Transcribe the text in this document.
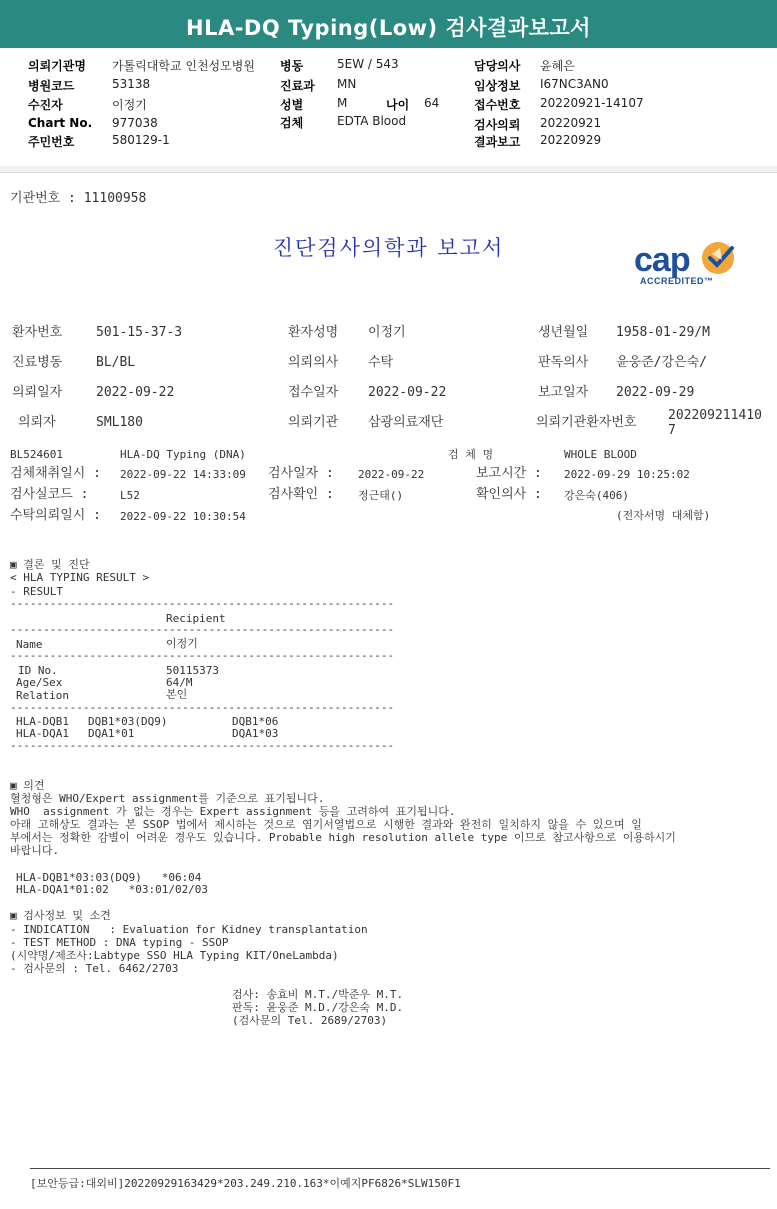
HLA-DQ Typing(Low) 검사결과보고서
의뢰기관명 가톨릭대학교 인천성모병원 병동	5EW / 543	담당의사 윤혜은
병원코드	53138	진료과 MN	임상정보 I67NC3AN0
수진자	이정기	성별	M	나이 64	접수번호 20220921-14107
Chart No. 977038	검체	EDTA Blood	검사의뢰 20220921
주민번호	580129-1	결과보고 20220929
기관번호 : 11100958
진단검사의학과 보고서	cap
ACCREDITED™
환자번호	501-15-37-3	환자성명 이정기	생년월일 1958-01-29/M
진료병동	BL/BL	의뢰의사 수탁	판독의사 윤웅준/강은숙/
의뢰일자	2022-09-22	접수일자 2022-09-22	보고일자 2022-09-29
의뢰자	SML180	의뢰기관 삼광의료재단	의뢰기관환자번호 202209211410
7
BL524601	HLA-DQ Typing (DNA)	검 체 명	WHOLE BLOOD
검체채취일시 : 2022-09-22 14:33:09 검사일자 : 2022-09-22	보고시간 : 2022-09-29 10:25:02
검사실코드 :	L52	검사확인 : 정근태()	확인의사 : 강은숙(406)
수탁의뢰일시 : 2022-09-22 10:30:54	(전자서명 대체함)
▣ 결론 및 진단
< HLA TYPING RESULT >
- RESULT
----------------------------------------------------------
Recipient
----------------------------------------------------------
Name	이정기
----------------------------------------------------------
ID No.	50115373
Age/Sex	64/M
Relation	본인
----------------------------------------------------------
HLA-DQB1 DQB1*03(DQ9)	DQB1*06
HLA-DQA1 DQA1*01	DQA1*03
----------------------------------------------------------
▣ 의견
혈청형은 WHO/Expert assignment를 기준으로 표기됩니다.
WHO  assignment 가 없는 경우는 Expert assignment 등을 고려하여 표기됩니다.
아래 고해상도 결과는 본 SSOP 법에서 제시하는 것으로 염기서열법으로 시행한 결과와 완전히 일치하지 않을 수 있으며 일
부에서는 정확한 감별이 어려운 경우도 있습니다. Probable high resolution allele type 이므로 참고사항으로 이용하시기
바랍니다.
HLA-DQB1*03:03(DQ9)   *06:04
HLA-DQA1*01:02   *03:01/02/03
▣ 검사정보 및 소견
- INDICATION   : Evaluation for Kidney transplantation
- TEST METHOD : DNA typing - SSOP
(시약명/제조사:Labtype SSO HLA Typing KIT/OneLambda)
- 검사문의 : Tel. 6462/2703
검사: 송효비 M.T./박준우 M.T.
판독: 윤웅준 M.D./강은숙 M.D.
(검사문의 Tel. 2689/2703)
[보안등급:대외비]20220929163429*203.249.210.163*이예지PF6826*SLW150F1
